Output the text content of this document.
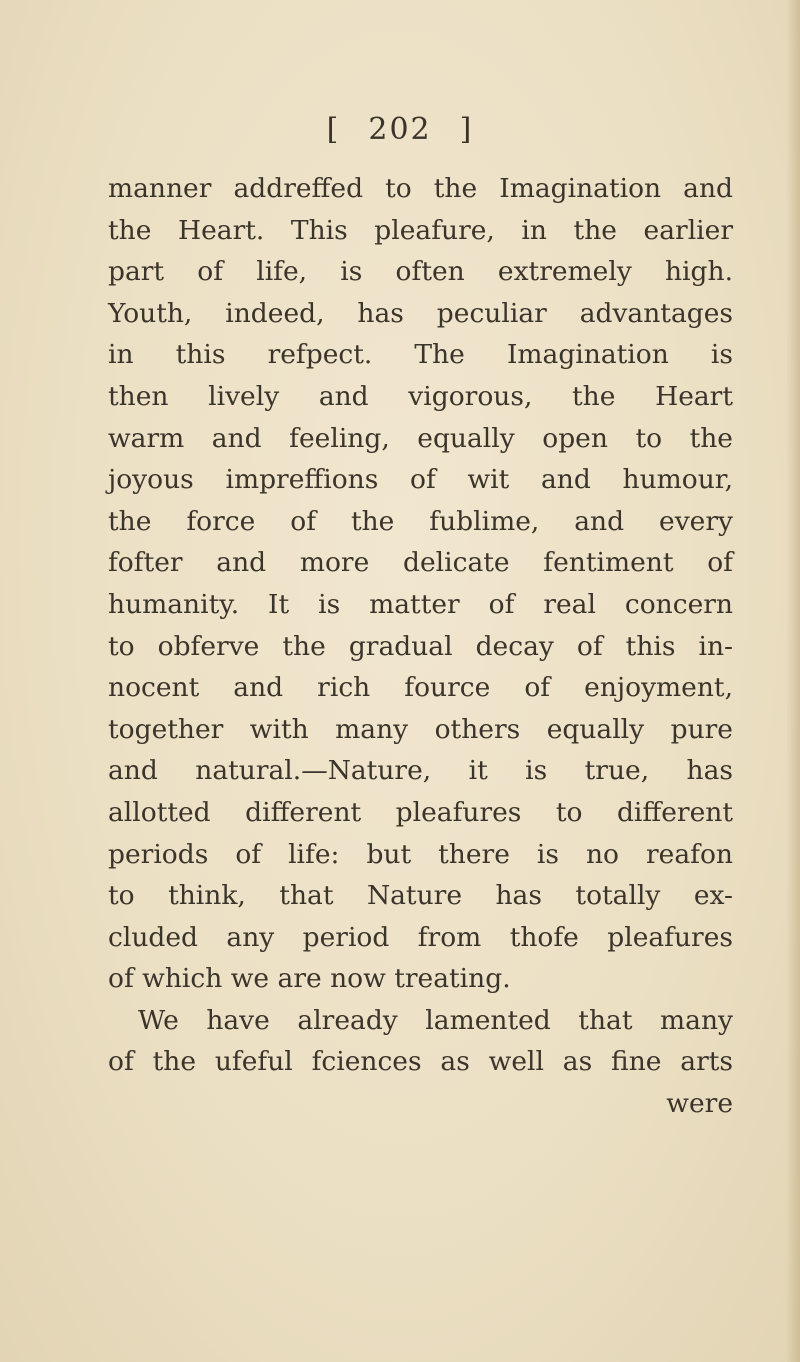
[ 202 ]
manner addreffed to the Imagination and
the Heart. This pleafure, in the earlier
part of life, is often extremely high.
Youth, indeed, has peculiar advantages
in this refpect. The Imagination is
then lively and vigorous, the Heart
warm and feeling, equally open to the
joyous impreffions of wit and humour,
the force of the fublime, and every
fofter and more delicate fentiment of
humanity. It is matter of real concern
to obferve the gradual decay of this in-
nocent and rich fource of enjoyment,
together with many others equally pure
and natural.—Nature, it is true, has
allotted different pleafures to different
periods of life: but there is no reafon
to think, that Nature has totally ex-
cluded any period from thofe pleafures
of which we are now treating.
We have already lamented that many
of the ufeful fciences as well as fine arts
were
